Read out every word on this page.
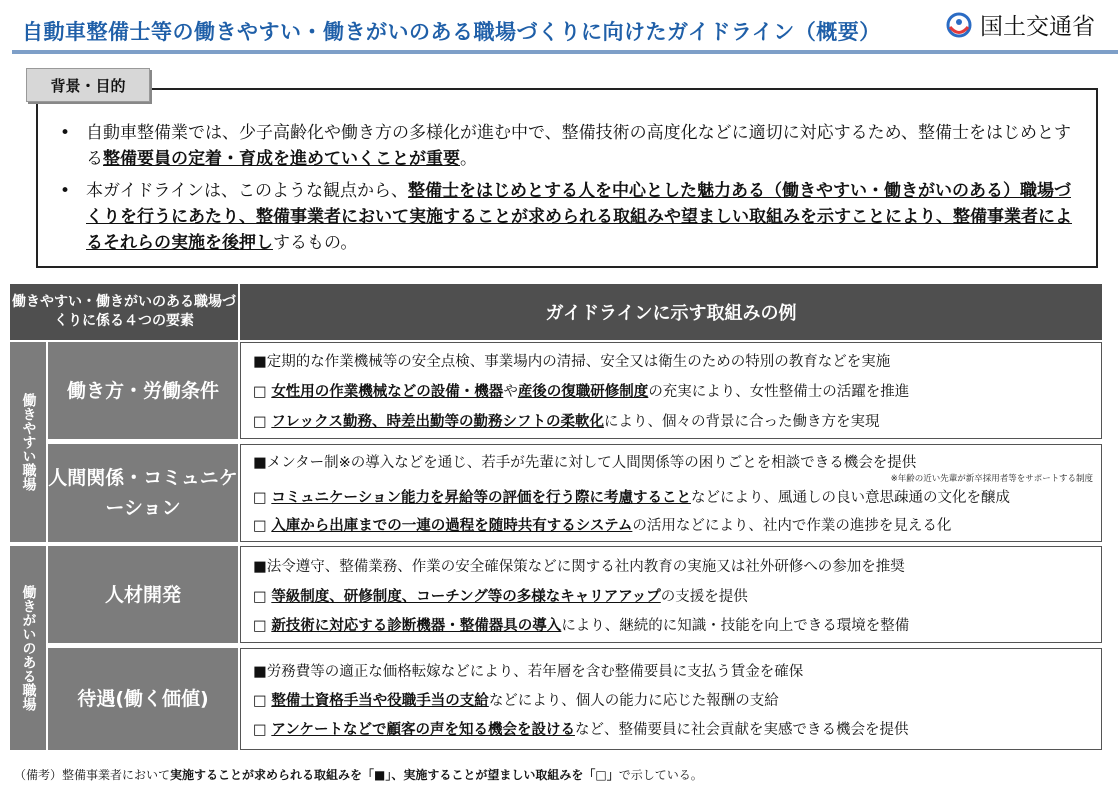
自動車整備士等の働きやすい・働きがいのある職場づくりに向けたガイドライン（概要）	国土交通省
背景・目的
• 自動車整備業では、少子高齢化や働き方の多様化が進む中で、整備技術の高度化などに適切に対応するため、整備士をはじめとする整備要員の定着・育成を進めていくことが重要。
• 本ガイドラインは、このような観点から、整備士をはじめとする人を中心とした魅力ある（働きやすい・働きがいのある）職場づくりを行うにあたり、整備事業者において実施することが求められる取組みや望ましい取組みを示すことにより、整備事業者によるそれらの実施を後押しするもの。
働きやすい・働きがいのある職場づくりに係る４つの要素	ガイドラインに示す取組みの例
働きやすい職場
働きがいのある職場
働き方・労働条件
■定期的な作業機械等の安全点検、事業場内の清掃、安全又は衛生のための特別の教育などを実施
□ 女性用の作業機械などの設備・機器や産後の復職研修制度の充実により、女性整備士の活躍を推進
□ フレックス勤務、時差出勤等の勤務シフトの柔軟化により、個々の背景に合った働き方を実現
人間関係・コミュニケーション
■メンター制※の導入などを通じ、若手が先輩に対して人間関係等の困りごとを相談できる機会を提供
※年齢の近い先輩が新卒採用者等をサポートする制度
□ コミュニケーション能力を昇給等の評価を行う際に考慮することなどにより、風通しの良い意思疎通の文化を醸成
□ 入庫から出庫までの一連の過程を随時共有するシステムの活用などにより、社内で作業の進捗を見える化
人材開発
■法令遵守、整備業務、作業の安全確保策などに関する社内教育の実施又は社外研修への参加を推奨
□ 等級制度、研修制度、コーチング等の多様なキャリアアップの支援を提供
□ 新技術に対応する診断機器・整備器具の導入により、継続的に知識・技能を向上できる環境を整備
待遇(働く価値)
■労務費等の適正な価格転嫁などにより、若年層を含む整備要員に支払う賃金を確保
□ 整備士資格手当や役職手当の支給などにより、個人の能力に応じた報酬の支給
□ アンケートなどで顧客の声を知る機会を設けるなど、整備要員に社会貢献を実感できる機会を提供
（備考）整備事業者において実施することが求められる取組みを「■」、実施することが望ましい取組みを「□」で示している。
